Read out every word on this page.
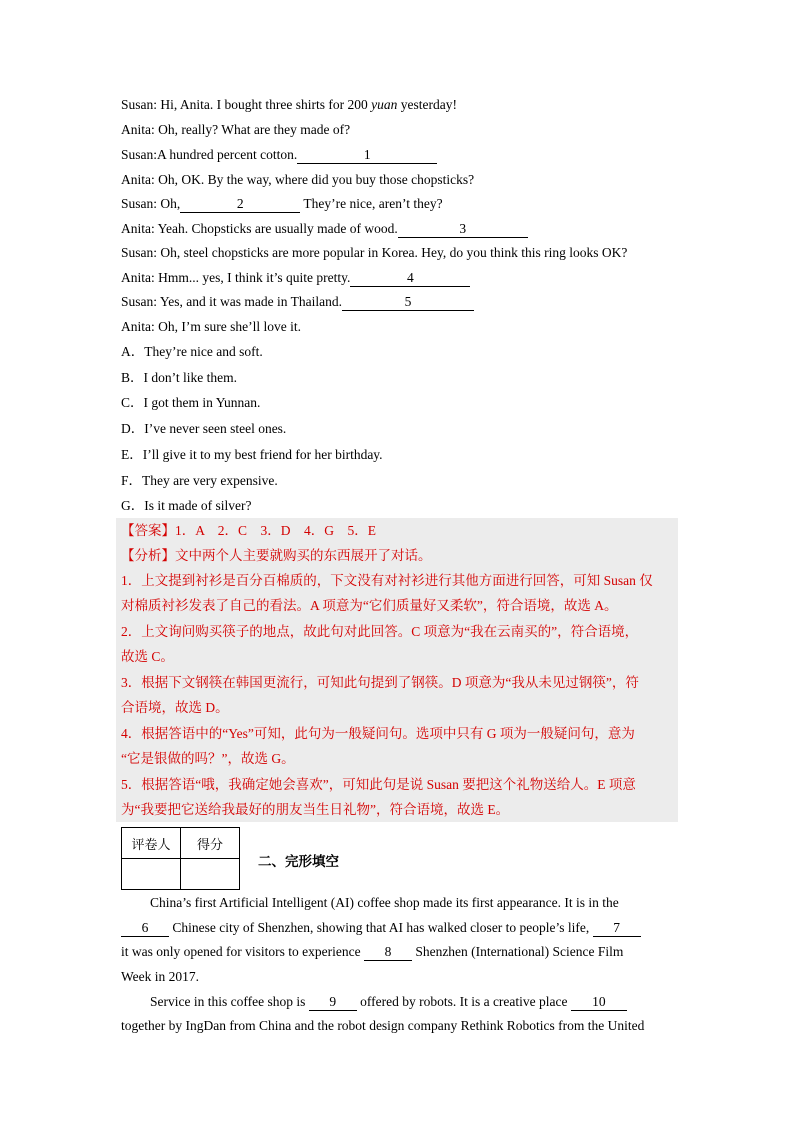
Susan: Hi, Anita. I bought three shirts for 200 yuan yesterday!
Anita: Oh, really? What are they made of?
Susan:A hundred percent cotton.	1
Anita: Oh, OK. By the way, where did you buy those chopsticks?
Susan: Oh,	2	They’re nice, aren’t they?
Anita: Yeah. Chopsticks are usually made of wood.	3
Susan: Oh, steel chopsticks are more popular in Korea. Hey, do you think this ring looks OK?
Anita: Hmm... yes, I think it’s quite pretty.	4
Susan: Yes, and it was made in Thailand.	5
Anita: Oh, I’m sure she’ll love it.
A．They’re nice and soft.
B．I don’t like them.
C．I got them in Yunnan.
D．I’ve never seen steel ones.
E．I’ll give it to my best friend for her birthday.
F．They are very expensive.
G．Is it made of silver?
【答案】1．A　2．C　3．D　4．G　5．E
【分析】文中两个人主要就购买的东西展开了对话。
1．上文提到衬衫是百分百棉质的，下文没有对衬衫进行其他方面进行回答，可知 Susan 仅
对棉质衬衫发表了自己的看法。A 项意为“它们质量好又柔软”，符合语境，故选 A。
2．上文询问购买筷子的地点，故此句对此回答。C 项意为“我在云南买的”，符合语境，
故选 C。
3．根据下文钢筷在韩国更流行，可知此句提到了钢筷。D 项意为“我从未见过钢筷”，符
合语境，故选 D。
4．根据答语中的“Yes”可知，此句为一般疑问句。选项中只有 G 项为一般疑问句，意为
“它是银做的吗？”，故选 G。
5．根据答语“哦，我确定她会喜欢”，可知此句是说 Susan 要把这个礼物送给人。E 项意
为“我要把它送给我最好的朋友当生日礼物”，符合语境，故选 E。
评卷人	得分

二、完形填空
China’s first Artificial Intelligent (AI) coffee shop made its first appearance. It is in the
6 Chinese city of Shenzhen, showing that AI has walked closer to people’s life, 7
it was only opened for visitors to experience 8 Shenzhen (International) Science Film
Week in 2017.
Service in this coffee shop is 9 offered by robots. It is a creative place 10
together by IngDan from China and the robot design company Rethink Robotics from the United
